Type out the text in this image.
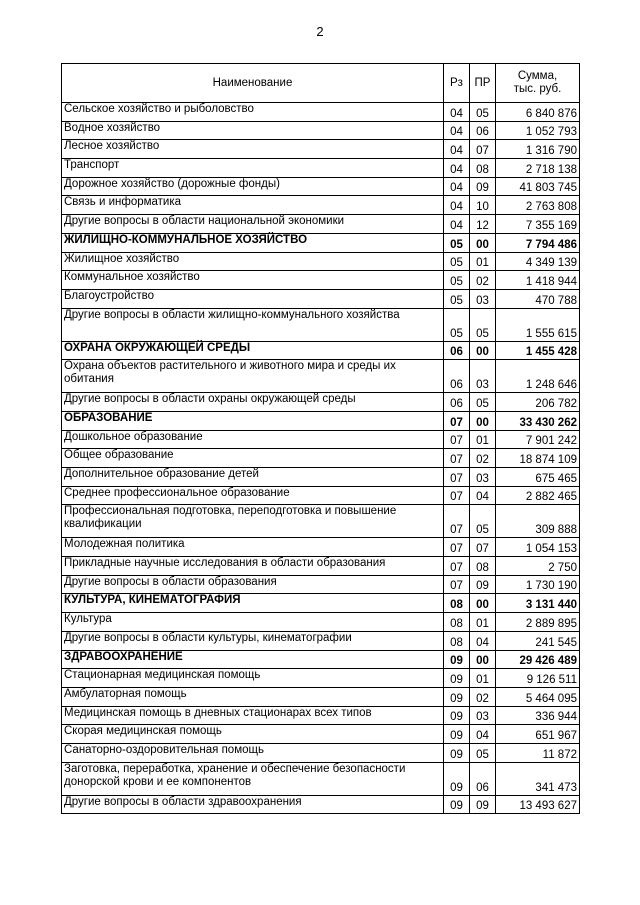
2
Наименование	Рз	ПР	Сумма, тыс. руб.
Сельское хозяйство и рыболовство	04	05	6 840 876
Водное хозяйство	04	06	1 052 793
Лесное хозяйство	04	07	1 316 790
Транспорт	04	08	2 718 138
Дорожное хозяйство (дорожные фонды)	04	09	41 803 745
Связь и информатика	04	10	2 763 808
Другие вопросы в области национальной экономики	04	12	7 355 169
ЖИЛИЩНО-КОММУНАЛЬНОЕ ХОЗЯЙСТВО	05	00	7 794 486
Жилищное хозяйство	05	01	4 349 139
Коммунальное хозяйство	05	02	1 418 944
Благоустройство	05	03	470 788
Другие вопросы в области жилищно-коммунального хозяйства	05	05	1 555 615
ОХРАНА ОКРУЖАЮЩЕЙ СРЕДЫ	06	00	1 455 428
Охрана объектов растительного и животного мира и среды их обитания	06	03	1 248 646
Другие вопросы в области охраны окружающей среды	06	05	206 782
ОБРАЗОВАНИЕ	07	00	33 430 262
Дошкольное образование	07	01	7 901 242
Общее образование	07	02	18 874 109
Дополнительное образование детей	07	03	675 465
Среднее профессиональное образование	07	04	2 882 465
Профессиональная подготовка, переподготовка и повышение квалификации	07	05	309 888
Молодежная политика	07	07	1 054 153
Прикладные научные исследования в области образования	07	08	2 750
Другие вопросы в области образования	07	09	1 730 190
КУЛЬТУРА, КИНЕМАТОГРАФИЯ	08	00	3 131 440
Культура	08	01	2 889 895
Другие вопросы в области культуры, кинематографии	08	04	241 545
ЗДРАВООХРАНЕНИЕ	09	00	29 426 489
Стационарная медицинская помощь	09	01	9 126 511
Амбулаторная помощь	09	02	5 464 095
Медицинская помощь в дневных стационарах всех типов	09	03	336 944
Скорая медицинская помощь	09	04	651 967
Санаторно-оздоровительная помощь	09	05	11 872
Заготовка, переработка, хранение и обеспечение безопасности донорской крови и ее компонентов	09	06	341 473
Другие вопросы в области здравоохранения	09	09	13 493 627
